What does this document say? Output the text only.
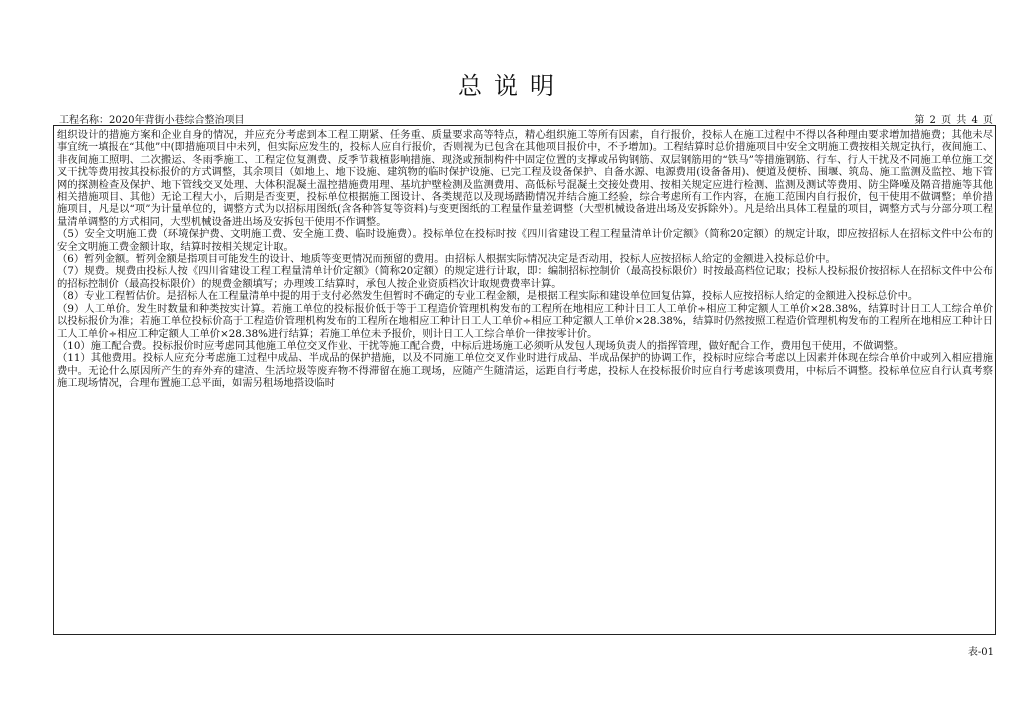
总说明
工程名称：2020年背街小巷综合整治项目	第 2 页 共 4 页

组织设计的措施方案和企业自身的情况，并应充分考虑到本工程工期紧、任务重、质量要求高等特点，精心组织施工等所有因素，自行报价，投标人在施工过程中不得以各种理由要求增加措施费；其他未尽事宜统一填报在“其他”中(即措施项目中未列，但实际应发生的，投标人应自行报价，否则视为已包含在其他项目报价中，不予增加)。工程结算时总价措施项目中安全文明施工费按相关规定执行，夜间施工、非夜间施工照明、二次搬运、冬雨季施工、工程定位复测费、反季节栽植影响措施、现浇或预制构件中固定位置的支撑或吊钩钢筋、双层钢筋用的“铁马”等措施钢筋、行车、行人干扰及不同施工单位施工交叉干扰等费用按其投标报价的方式调整，其余项目（如地上、地下设施、建筑物的临时保护设施、已完工程及设备保护、自备水源、电源费用(设备备用)、便道及便桥、围堰、筑岛、施工监测及监控、地下管网的探测检查及保护、地下管线交叉处理、大体积混凝土温控措施费用理、基坑护壁检测及监测费用、高低标号混凝土交接处费用、按相关规定应进行检测、监测及测试等费用、防尘降噪及隔音措施等其他相关措施项目、其他）无论工程大小，后期是否变更，投标单位根据施工图设计、各类规范以及现场踏勘情况并结合施工经验，综合考虑所有工作内容，在施工范围内自行报价，包干使用不做调整；单价措施项目，凡是以“项”为计量单位的，调整方式为以招标用图纸(含各种答复等资料)与变更图纸的工程量作量差调整（大型机械设备进出场及安拆除外）。凡是给出具体工程量的项目，调整方式与分部分项工程量清单调整的方式相同，大型机械设备进出场及安拆包干使用不作调整。

（5）安全文明施工费（环境保护费、文明施工费、安全施工费、临时设施费）。投标单位在投标时按《四川省建设工程工程量清单计价定额》（简称20定额）的规定计取，即应按招标人在招标文件中公布的安全文明施工费金额计取，结算时按相关规定计取。

（6）暂列金额。暂列金额是指项目可能发生的设计、地质等变更情况而预留的费用。由招标人根据实际情况决定是否动用，投标人应按招标人给定的金额进入投标总价中。

（7）规费。规费由投标人按《四川省建设工程工程量清单计价定额》（简称20定额）的规定进行计取，即：编制招标控制价（最高投标限价）时按最高档位记取；投标人投标报价按招标人在招标文件中公布的招标控制价（最高投标限价）的规费金额填写；办理竣工结算时，承包人按企业资质档次计取规费费率计算。

（8）专业工程暂估价。是招标人在工程量清单中提的用于支付必然发生但暂时不确定的专业工程金额，是根据工程实际和建设单位回复估算，投标人应按招标人给定的金额进入投标总价中。

（9）人工单价。发生时数量和种类按实计算。若施工单位的投标报价低于等于工程造价管理机构发布的工程所在地相应工种计日工人工单价÷相应工种定额人工单价×28.38%，结算时计日工人工综合单价以投标报价为准；若施工单位投标价高于工程造价管理机构发布的工程所在地相应工种计日工人工单价÷相应工种定额人工单价×28.38%，结算时仍然按照工程造价管理机构发布的工程所在地相应工种计日工人工单价÷相应工种定额人工单价×28.38%进行结算；若施工单位未予报价，则计日工人工综合单价一律按零计价。

（10）施工配合费。投标报价时应考虑同其他施工单位交叉作业、干扰等施工配合费，中标后进场施工必须听从发包人现场负责人的指挥管理，做好配合工作，费用包干使用，不做调整。

（11）其他费用。投标人应充分考虑施工过程中成品、半成品的保护措施，以及不同施工单位交叉作业时进行成品、半成品保护的协调工作，投标时应综合考虑以上因素并体现在综合单价中或列入相应措施费中。无论什么原因所产生的弃外弃的建渣、生活垃圾等废弃物不得滞留在施工现场，应随产生随清运，运距自行考虑，投标人在投标报价时应自行考虑该项费用，中标后不调整。投标单位应自行认真考察施工现场情况，合理布置施工总平面，如需另租场地搭设临时

表-01
